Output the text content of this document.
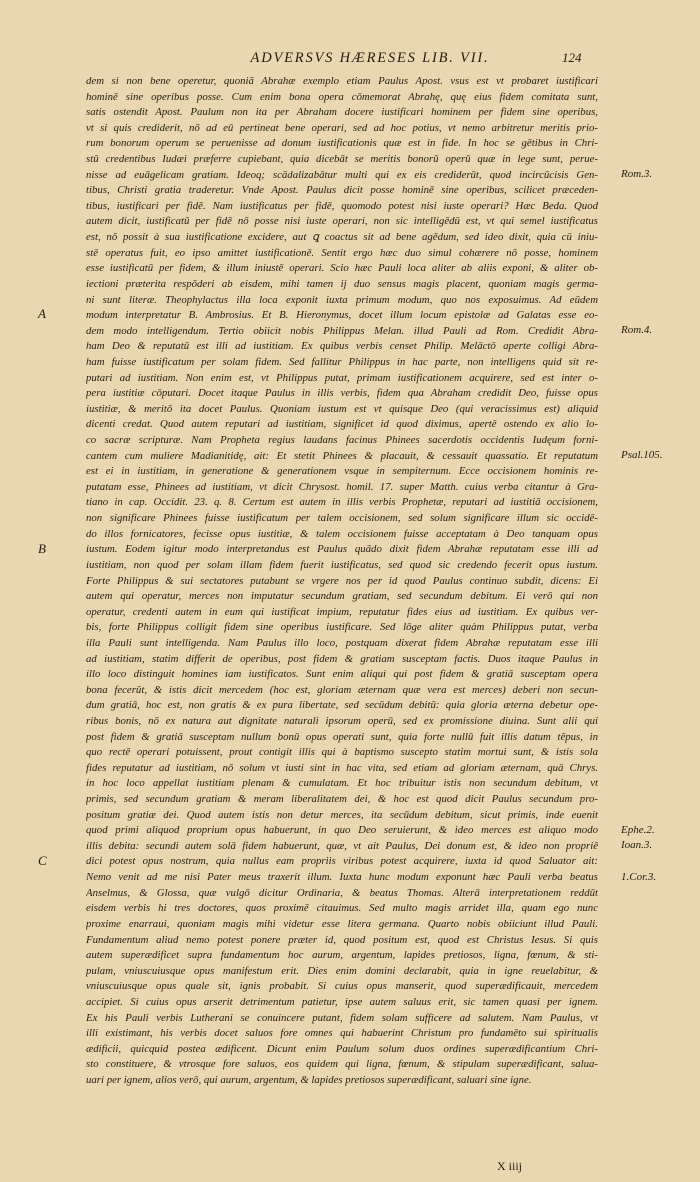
ADVERSVS HÆRESES LIB. VII.	124
dem si non bene operetur, quoniā Abrahæ exemplo etiam Paulus Apost. vsus est vt probaret iustificari
hominē sine operibus posse. Cum enim bona opera cōmemorat Abrahę, quę eius fidem comitata sunt,
satis ostendit Apost. Paulum non ita per Abraham docere iustificari hominem per fidem sine operibus,
vt si quis crediderit, nō ad eū pertineat bene operari, sed ad hoc potius, vt nemo arbitretur meritis prio-
rum bonorum operum se peruenisse ad donum iustificationis quæ est in fide. In hoc se gētibus in Chri-
stū credentibus Iudæi præferre cupiebant, quia dicebāt se meritis bonorū operū quæ in lege sunt, perue-
nisse ad euāgelicam gratiam. Ideoq; scādalizabātur multi qui ex eis crediderūt, quod incircūcisis Gen-
tibus, Christi gratia traderetur. Vnde Apost. Paulus dicit posse hominē sine operibus, scilicet præceden-
tibus, iustificari per fidē. Nam iustificatus per fidē, quomodo potest nisi iuste operari? Hæc Beda. Quod
autem dicit, iustificatū per fidē nō posse nisi iuste operari, non sic intelligēdū est, vt qui semel iustificatus
est, nō possit à sua iustificatione excidere, aut ꝗ coactus sit ad bene agēdum, sed ideo dixit, quia cū iniu-
stē operatus fuit, eo ipso amittet iustificationē. Sentit ergo hæc duo simul cohærere nō posse, hominem
esse iustificatū per fidem, & illum iniustē operari. Scio hæc Pauli loca aliter ab aliis exponi, & aliter ob-
iectioni præterita respōderi ab eisdem, mihi tamen ij duo sensus magis placent, quoniam magis germa-
ni sunt literæ. Theophylactus illa loca exponit iuxta primum modum, quo nos exposuimus. Ad eūdem
modum interpretatur B. Ambrosius. Et B. Hieronymus, docet illum locum epistolæ ad Galatas esse eo-
dem modo intelligendum. Tertio obiicit nobis Philippus Melan. illud Pauli ad Rom. Credidit Abra-
ham Deo & reputatū est illi ad iustitiam. Ex quibus verbis censet Philip. Melāctō aperte colligi Abra-
ham fuisse iustificatum per solam fidem. Sed fallitur Philippus in hac parte, non intelligens quid sit re-
putari ad iustitiam. Non enim est, vt Philippus putat, primam iustificationem acquirere, sed est inter o-
pera iustitiæ cōputari. Docet itaque Paulus in illis verbis, fidem qua Abraham credidit Deo, fuisse opus
iustitiæ, & meritō ita docet Paulus. Quoniam iustum est vt quisque Deo (qui veracissimus est) aliquid
dicenti credat. Quod autem reputari ad iustitiam, significet id quod diximus, apertē ostendo ex alio lo-
co sacræ scripturæ. Nam Propheta regius laudans facinus Phinees sacerdotis occidentis Iudęum forni-
cantem cum muliere Madianitidę, ait: Et stetit Phinees & placauit, & cessauit quassatio. Et reputatum
est ei in iustitiam, in generatione & generationem vsque in sempiternum. Ecce occisionem hominis re-
putatam esse, Phinees ad iustitiam, vt dicit Chrysost. homil. 17. super Matth. cuius verba citantur à Gra-
tiano in cap. Occidit. 23. q. 8. Certum est autem in illis verbis Prophetæ, reputari ad iustitiā occisionem,
non significare Phinees fuisse iustificatum per talem occisionem, sed solum significare illum sic occidē-
do illos fornicatores, fecisse opus iustitiæ, & talem occisionem fuisse acceptatam à Deo tanquam opus
iustum. Eodem igitur modo interpretandus est Paulus quādo dixit fidem Abrahæ reputatam esse illi ad
iustitiam, non quod per solam illam fidem fuerit iustificatus, sed quod sic credendo fecerit opus iustum.
Forte Philippus & sui sectatores putabunt se vrgere nos per id quod Paulus continuo subdit, dicens: Ei
autem qui operatur, merces non imputatur secundum gratiam, sed secundum debitum. Ei verō qui non
operatur, credenti autem in eum qui iustificat impium, reputatur fides eius ad iustitiam. Ex quibus ver-
bis, forte Philippus colligit fidem sine operibus iustificare. Sed lōge aliter quàm Philippus putat, verba
illa Pauli sunt intelligenda. Nam Paulus illo loco, postquam dixerat fidem Abrahæ reputatam esse illi
ad iustitiam, statim differit de operibus, post fidem & gratiam susceptam factis. Duos itaque Paulus in
illo loco distinguit homines iam iustificatos. Sunt enim aliqui qui post fidem & gratiā susceptam opera
bona fecerūt, & istis dicit mercedem (hoc est, gloriam æternam quæ vera est merces) deberi non secun-
dum gratiā, hoc est, non gratis & ex pura libertate, sed secūdum debitū: quia gloria æterna debetur ope-
ribus bonis, nō ex natura aut dignitate naturali ipsorum operū, sed ex promissione diuina. Sunt alii qui
post fidem & gratiā susceptam nullum bonū opus operati sunt, quia forte nullū fuit illis datum tēpus, in
quo rectē operari potuissent, prout contigit illis qui à baptismo suscepto statim mortui sunt, & istis sola
fides reputatur ad iustitiam, nō solum vt iusti sint in hac vita, sed etiam ad gloriam æternam, quā Chrys.
in hoc loco appellat iustitiam plenam & cumulatam. Et hoc tribuitur istis non secundum debitum, vt
primis, sed secundum gratiam & meram liberalitatem dei, & hoc est quod dicit Paulus secundum pro-
positum gratiæ dei. Quod autem istis non detur merces, ita secūdum debitum, sicut primis, inde euenit
quod primi aliquod proprium opus habuerunt, in quo Deo seruierunt, & ideo merces est aliquo modo
illis debita: secundi autem solā fidem habuerunt, quæ, vt ait Paulus, Dei donum est, & ideo non propriē
dici potest opus nostrum, quia nullus eam propriis viribus potest acquirere, iuxta id quod Saluator ait:
Nemo venit ad me nisi Pater meus traxerit illum. Iuxta hunc modum exponunt hæc Pauli verba beatus
Anselmus, & Glossa, quæ vulgō dicitur Ordinaria, & beatus Thomas. Alterā interpretationem reddūt
eisdem verbis hi tres doctores, quos proximē citauimus. Sed multo magis arridet illa, quam ego nunc
proxime enarraui, quoniam magis mihi videtur esse litera germana. Quarto nobis obiiciunt illud Pauli.
Fundamentum aliud nemo potest ponere præter id, quod positum est, quod est Christus Iesus. Si quis
autem superædificet supra fundamentum hoc aurum, argentum, lapides pretiosos, ligna, fœnum, & sti-
pulam, vniuscuiusque opus manifestum erit. Dies enim domini declarabit, quia in igne reuelabitur, &
vniuscuiusque opus quale sit, ignis probabit. Si cuius opus manserit, quod superædificauit, mercedem
accipiet. Si cuius opus arserit detrimentum patietur, ipse autem saluus erit, sic tamen quasi per ignem.
Ex his Pauli verbis Lutherani se conuincere putant, fidem solam sufficere ad salutem. Nam Paulus, vt
illi existimant, his verbis docet saluos fore omnes qui habuerint Christum pro fundamēto sui spiritualis
ædificii, quicquid postea ædificent. Dicunt enim Paulum solum duos ordines superædificantium Chri-
sto constituere, & vtrosque fore saluos, eos quidem qui ligna, fœnum, & stipulam superædificant, salua-
uari per ignem, alios verō, qui aurum, argentum, & lapides pretiosos superædificant, saluari sine igne.
A
B
C
Rom.3.
Rom.4.
Psal.105.
Ephe.2.
Ioan.3.
1.Cor.3.
X iiij
